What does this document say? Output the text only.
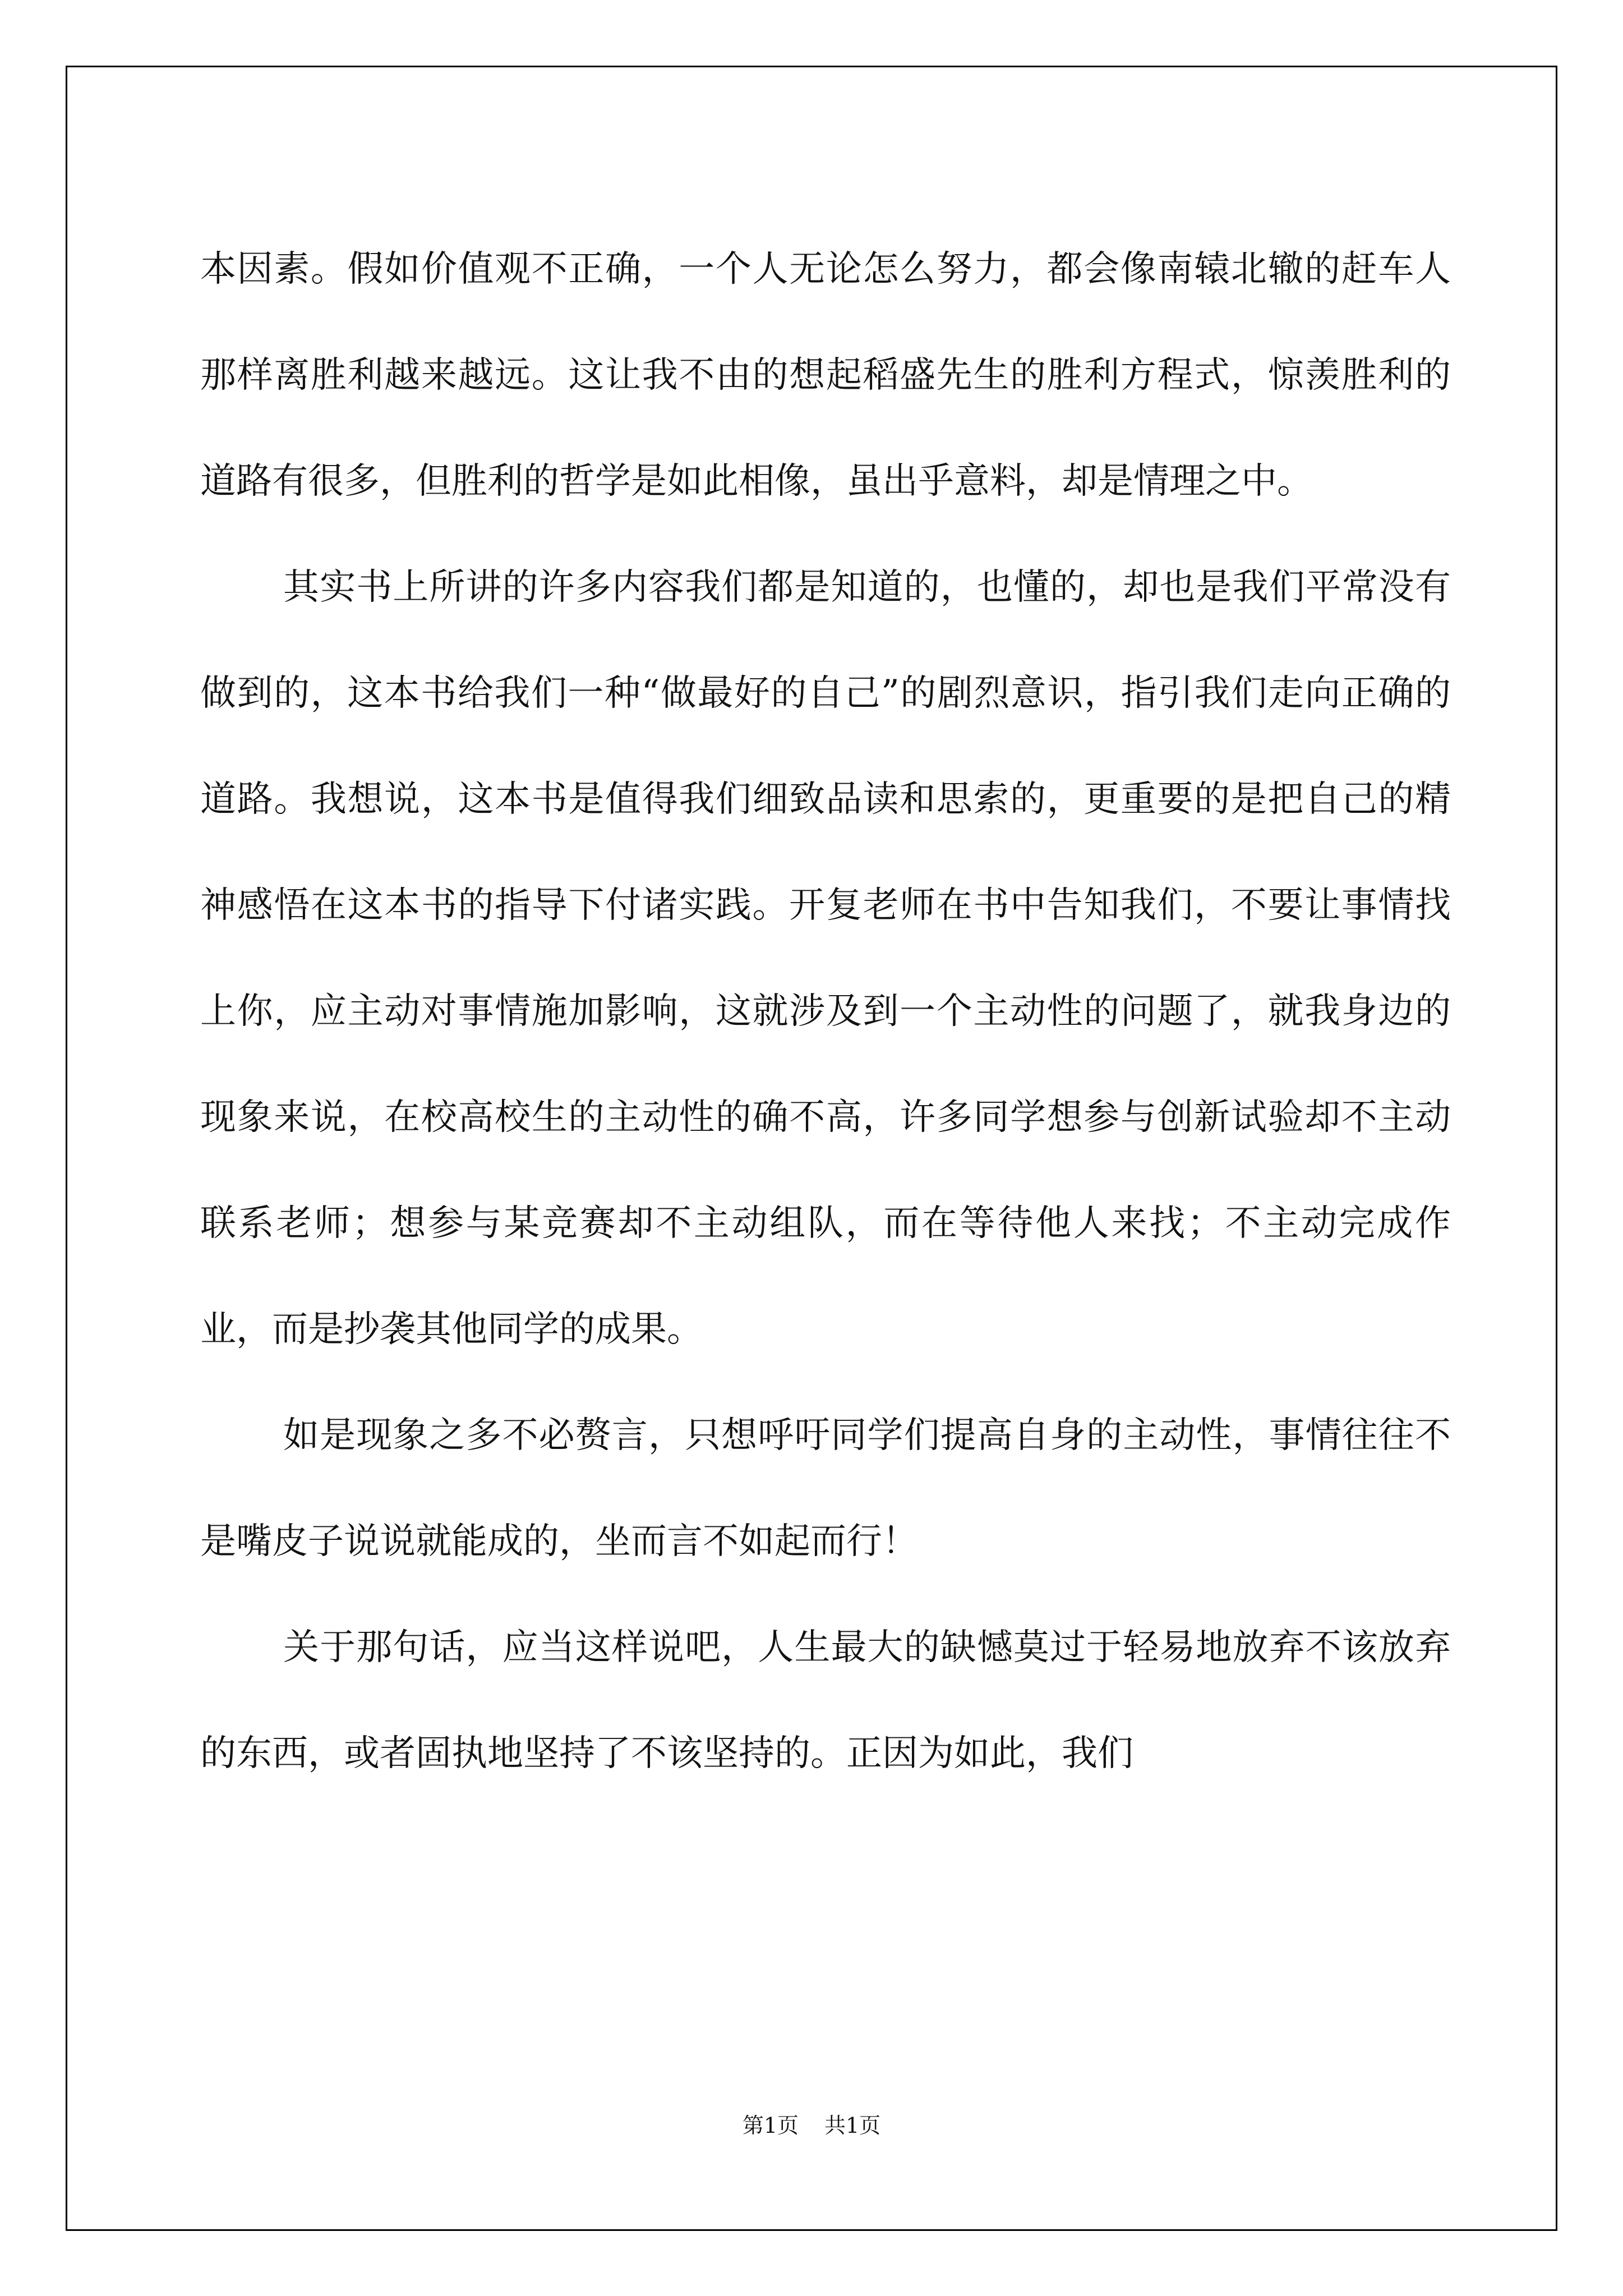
本因素。假如价值观不正确，一个人无论怎么努力，都会像南辕北辙的赶车人那样离胜利越来越远。这让我不由的想起稻盛先生的胜利方程式，惊羡胜利的道路有很多，但胜利的哲学是如此相像，虽出乎意料，却是情理之中。

其实书上所讲的许多内容我们都是知道的，也懂的，却也是我们平常没有做到的，这本书给我们一种“做最好的自己”的剧烈意识，指引我们走向正确的道路。我想说，这本书是值得我们细致品读和思索的，更重要的是把自己的精神感悟在这本书的指导下付诸实践。开复老师在书中告知我们，不要让事情找上你，应主动对事情施加影响，这就涉及到一个主动性的问题了，就我身边的现象来说，在校高校生的主动性的确不高，许多同学想参与创新试验却不主动联系老师；想参与某竞赛却不主动组队，而在等待他人来找；不主动完成作业，而是抄袭其他同学的成果。

如是现象之多不必赘言，只想呼吁同学们提高自身的主动性，事情往往不是嘴皮子说说就能成的，坐而言不如起而行！

关于那句话，应当这样说吧，人生最大的缺憾莫过于轻易地放弃不该放弃的东西，或者固执地坚持了不该坚持的。正因为如此，我们

第1页 共1页
